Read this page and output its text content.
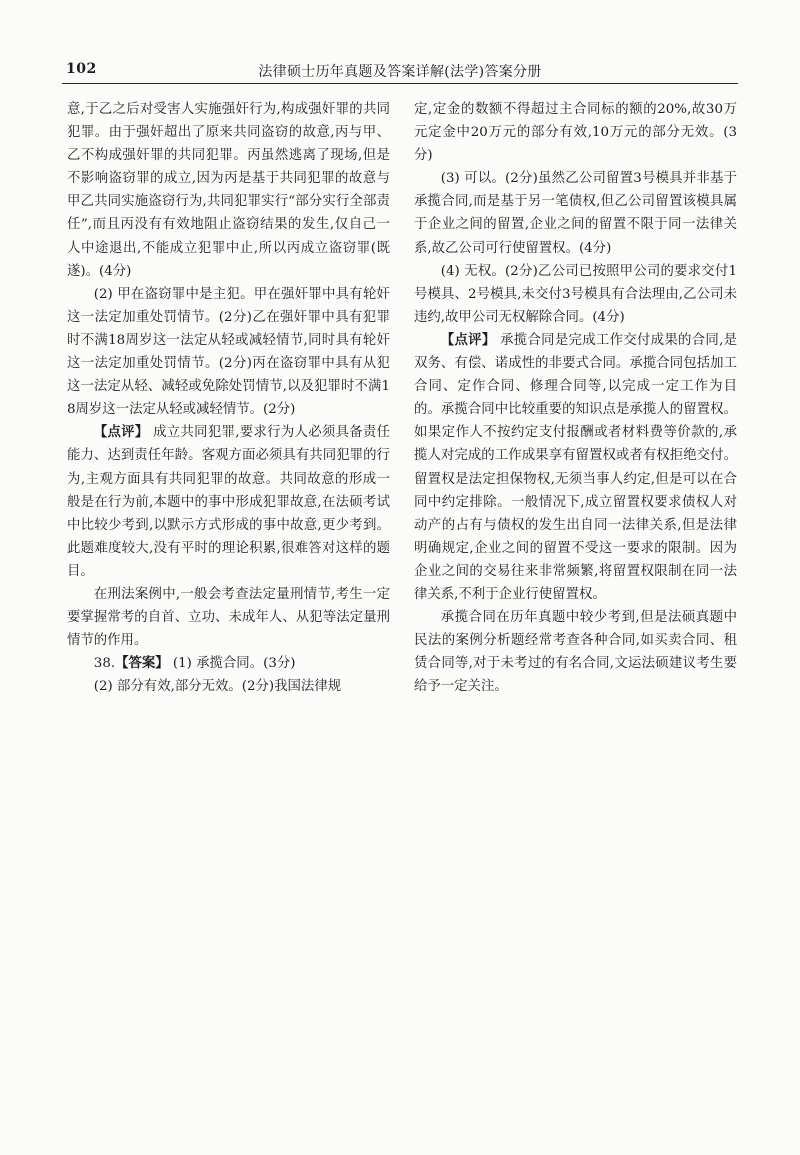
102	法律硕士历年真题及答案详解(法学)答案分册

意,于乙之后对受害人实施强奸行为,构成强奸罪的共同犯罪。由于强奸超出了原来共同盗窃的故意,丙与甲、乙不构成强奸罪的共同犯罪。丙虽然逃离了现场,但是不影响盗窃罪的成立,因为丙是基于共同犯罪的故意与甲乙共同实施盗窃行为,共同犯罪实行“部分实行全部责任”,而且丙没有有效地阻止盗窃结果的发生,仅自己一人中途退出,不能成立犯罪中止,所以丙成立盗窃罪(既遂)。(4分)

(2) 甲在盗窃罪中是主犯。甲在强奸罪中具有轮奸这一法定加重处罚情节。(2分)乙在强奸罪中具有犯罪时不满18周岁这一法定从轻或减轻情节,同时具有轮奸这一法定加重处罚情节。(2分)丙在盗窃罪中具有从犯这一法定从轻、减轻或免除处罚情节,以及犯罪时不满18周岁这一法定从轻或减轻情节。(2分)

【点评】 成立共同犯罪,要求行为人必须具备责任能力、达到责任年龄。客观方面必须具有共同犯罪的行为,主观方面具有共同犯罪的故意。共同故意的形成一般是在行为前,本题中的事中形成犯罪故意,在法硕考试中比较少考到,以默示方式形成的事中故意,更少考到。此题难度较大,没有平时的理论积累,很难答对这样的题目。

在刑法案例中,一般会考查法定量刑情节,考生一定要掌握常考的自首、立功、未成年人、从犯等法定量刑情节的作用。

38.【答案】 (1) 承揽合同。(3分)

(2) 部分有效,部分无效。(2分)我国法律规

定,定金的数额不得超过主合同标的额的20%,故30万元定金中20万元的部分有效,10万元的部分无效。(3分)

(3) 可以。(2分)虽然乙公司留置3号模具并非基于承揽合同,而是基于另一笔债权,但乙公司留置该模具属于企业之间的留置,企业之间的留置不限于同一法律关系,故乙公司可行使留置权。(4分)

(4) 无权。(2分)乙公司已按照甲公司的要求交付1号模具、2号模具,未交付3号模具有合法理由,乙公司未违约,故甲公司无权解除合同。(4分)

【点评】 承揽合同是完成工作交付成果的合同,是双务、有偿、诺成性的非要式合同。承揽合同包括加工合同、定作合同、修理合同等,以完成一定工作为目的。承揽合同中比较重要的知识点是承揽人的留置权。如果定作人不按约定支付报酬或者材料费等价款的,承揽人对完成的工作成果享有留置权或者有权拒绝交付。留置权是法定担保物权,无须当事人约定,但是可以在合同中约定排除。一般情况下,成立留置权要求债权人对动产的占有与债权的发生出自同一法律关系,但是法律明确规定,企业之间的留置不受这一要求的限制。因为企业之间的交易往来非常频繁,将留置权限制在同一法律关系,不利于企业行使留置权。

承揽合同在历年真题中较少考到,但是法硕真题中民法的案例分析题经常考查各种合同,如买卖合同、租赁合同等,对于未考过的有名合同,文运法硕建议考生要给予一定关注。
